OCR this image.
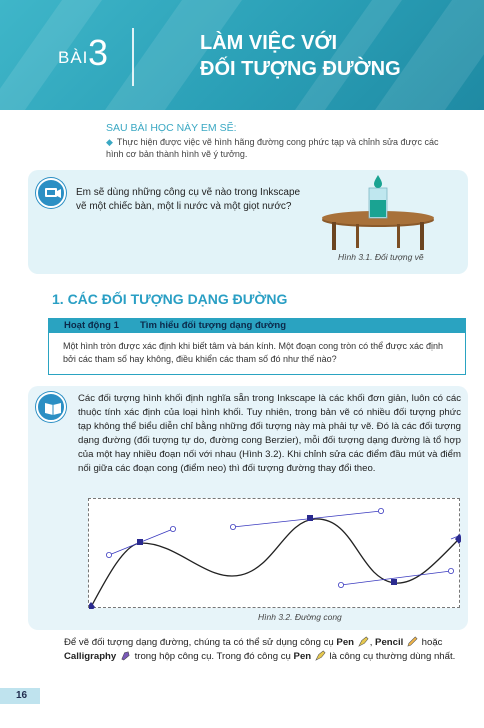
BÀI 3	LÀM VIỆC VỚI
ĐỐI TƯỢNG ĐƯỜNG
SAU BÀI HỌC NÀY EM SẼ:
◆ Thực hiện được việc vẽ hình hãng đường cong phức tạp và chỉnh sửa được các hình cơ bản thành hình vẽ ý tưởng.
Em sẽ dùng những công cụ vẽ nào trong Inkscape vẽ một chiếc bàn, một li nước và một giọt nước?
Hình 3.1. Đối tượng vẽ
1. CÁC ĐỐI TƯỢNG DẠNG ĐƯỜNG
Hoạt động 1 Tìm hiểu đối tượng dạng đường
Một hình tròn được xác định khi biết tâm và bán kính. Một đoạn cong tròn có thể được xác định bởi các tham số hay không, điều khiển các tham số đó như thế nào?
Các đối tượng hình khối định nghĩa sẵn trong Inkscape là các khối đơn giản, luôn có các thuộc tính xác định của loại hình khối. Tuy nhiên, trong bản vẽ có nhiều đối tượng phức tạp không thể biểu diễn chỉ bằng những đối tượng này mà phải tự vẽ. Đó là các đối tượng dạng đường (đối tượng tự do, đường cong Berzier), mỗi đối tượng dạng đường là tổ hợp của một hay nhiều đoạn nối với nhau (Hình 3.2). Khi chỉnh sửa các điểm đầu mút và điểm nối giữa các đoạn cong (điểm neo) thì đối tượng đường thay đổi theo.
Hình 3.2. Đường cong
Để vẽ đối tượng dạng đường, chúng ta có thể sử dụng công cụ Pen , Pencil hoặc Calligraphy trong hộp công cụ. Trong đó công cụ Pen là công cụ thường dùng nhất.
16
